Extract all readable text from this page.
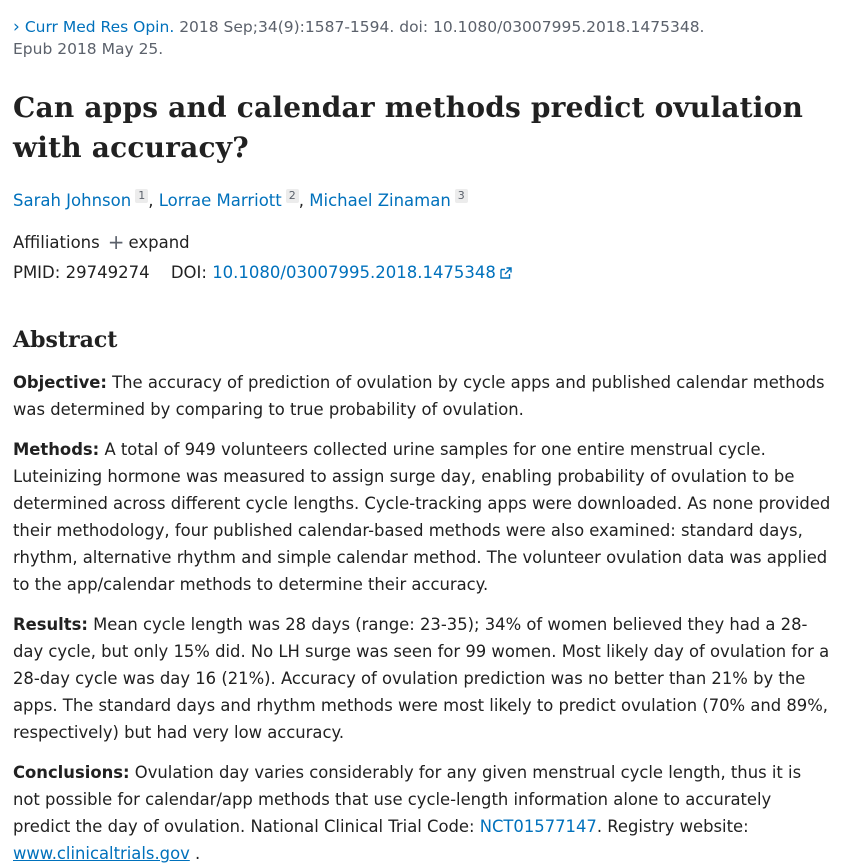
› Curr Med Res Opin. 2018 Sep;34(9):1587-1594. doi: 10.1080/03007995.2018.1475348.
Epub 2018 May 25.
Can apps and calendar methods predict ovulation with accuracy?
Sarah Johnson $^1$ , Lorrae Marriott $^2$ , Michael Zinaman $^3$
Affiliations + expand
PMID: 29749274 DOI: 10.1080/03007995.2018.1475348
Abstract

Objective: The accuracy of prediction of ovulation by cycle apps and published calendar methods was determined by comparing to true probability of ovulation.

Methods: A total of 949 volunteers collected urine samples for one entire menstrual cycle. Luteinizing hormone was measured to assign surge day, enabling probability of ovulation to be determined across different cycle lengths. Cycle-tracking apps were downloaded. As none provided their methodology, four published calendar-based methods were also examined: standard days, rhythm, alternative rhythm and simple calendar method. The volunteer ovulation data was applied to the app/calendar methods to determine their accuracy.

Results: Mean cycle length was 28 days (range: 23-35); 34% of women believed they had a 28-day cycle, but only 15% did. No LH surge was seen for 99 women. Most likely day of ovulation for a 28-day cycle was day 16 (21%). Accuracy of ovulation prediction was no better than 21% by the apps. The standard days and rhythm methods were most likely to predict ovulation (70% and 89%, respectively) but had very low accuracy.

Conclusions: Ovulation day varies considerably for any given menstrual cycle length, thus it is not possible for calendar/app methods that use cycle-length information alone to accurately predict the day of ovulation. National Clinical Trial Code: NCT01577147. Registry website: www.clinicaltrials.gov .
